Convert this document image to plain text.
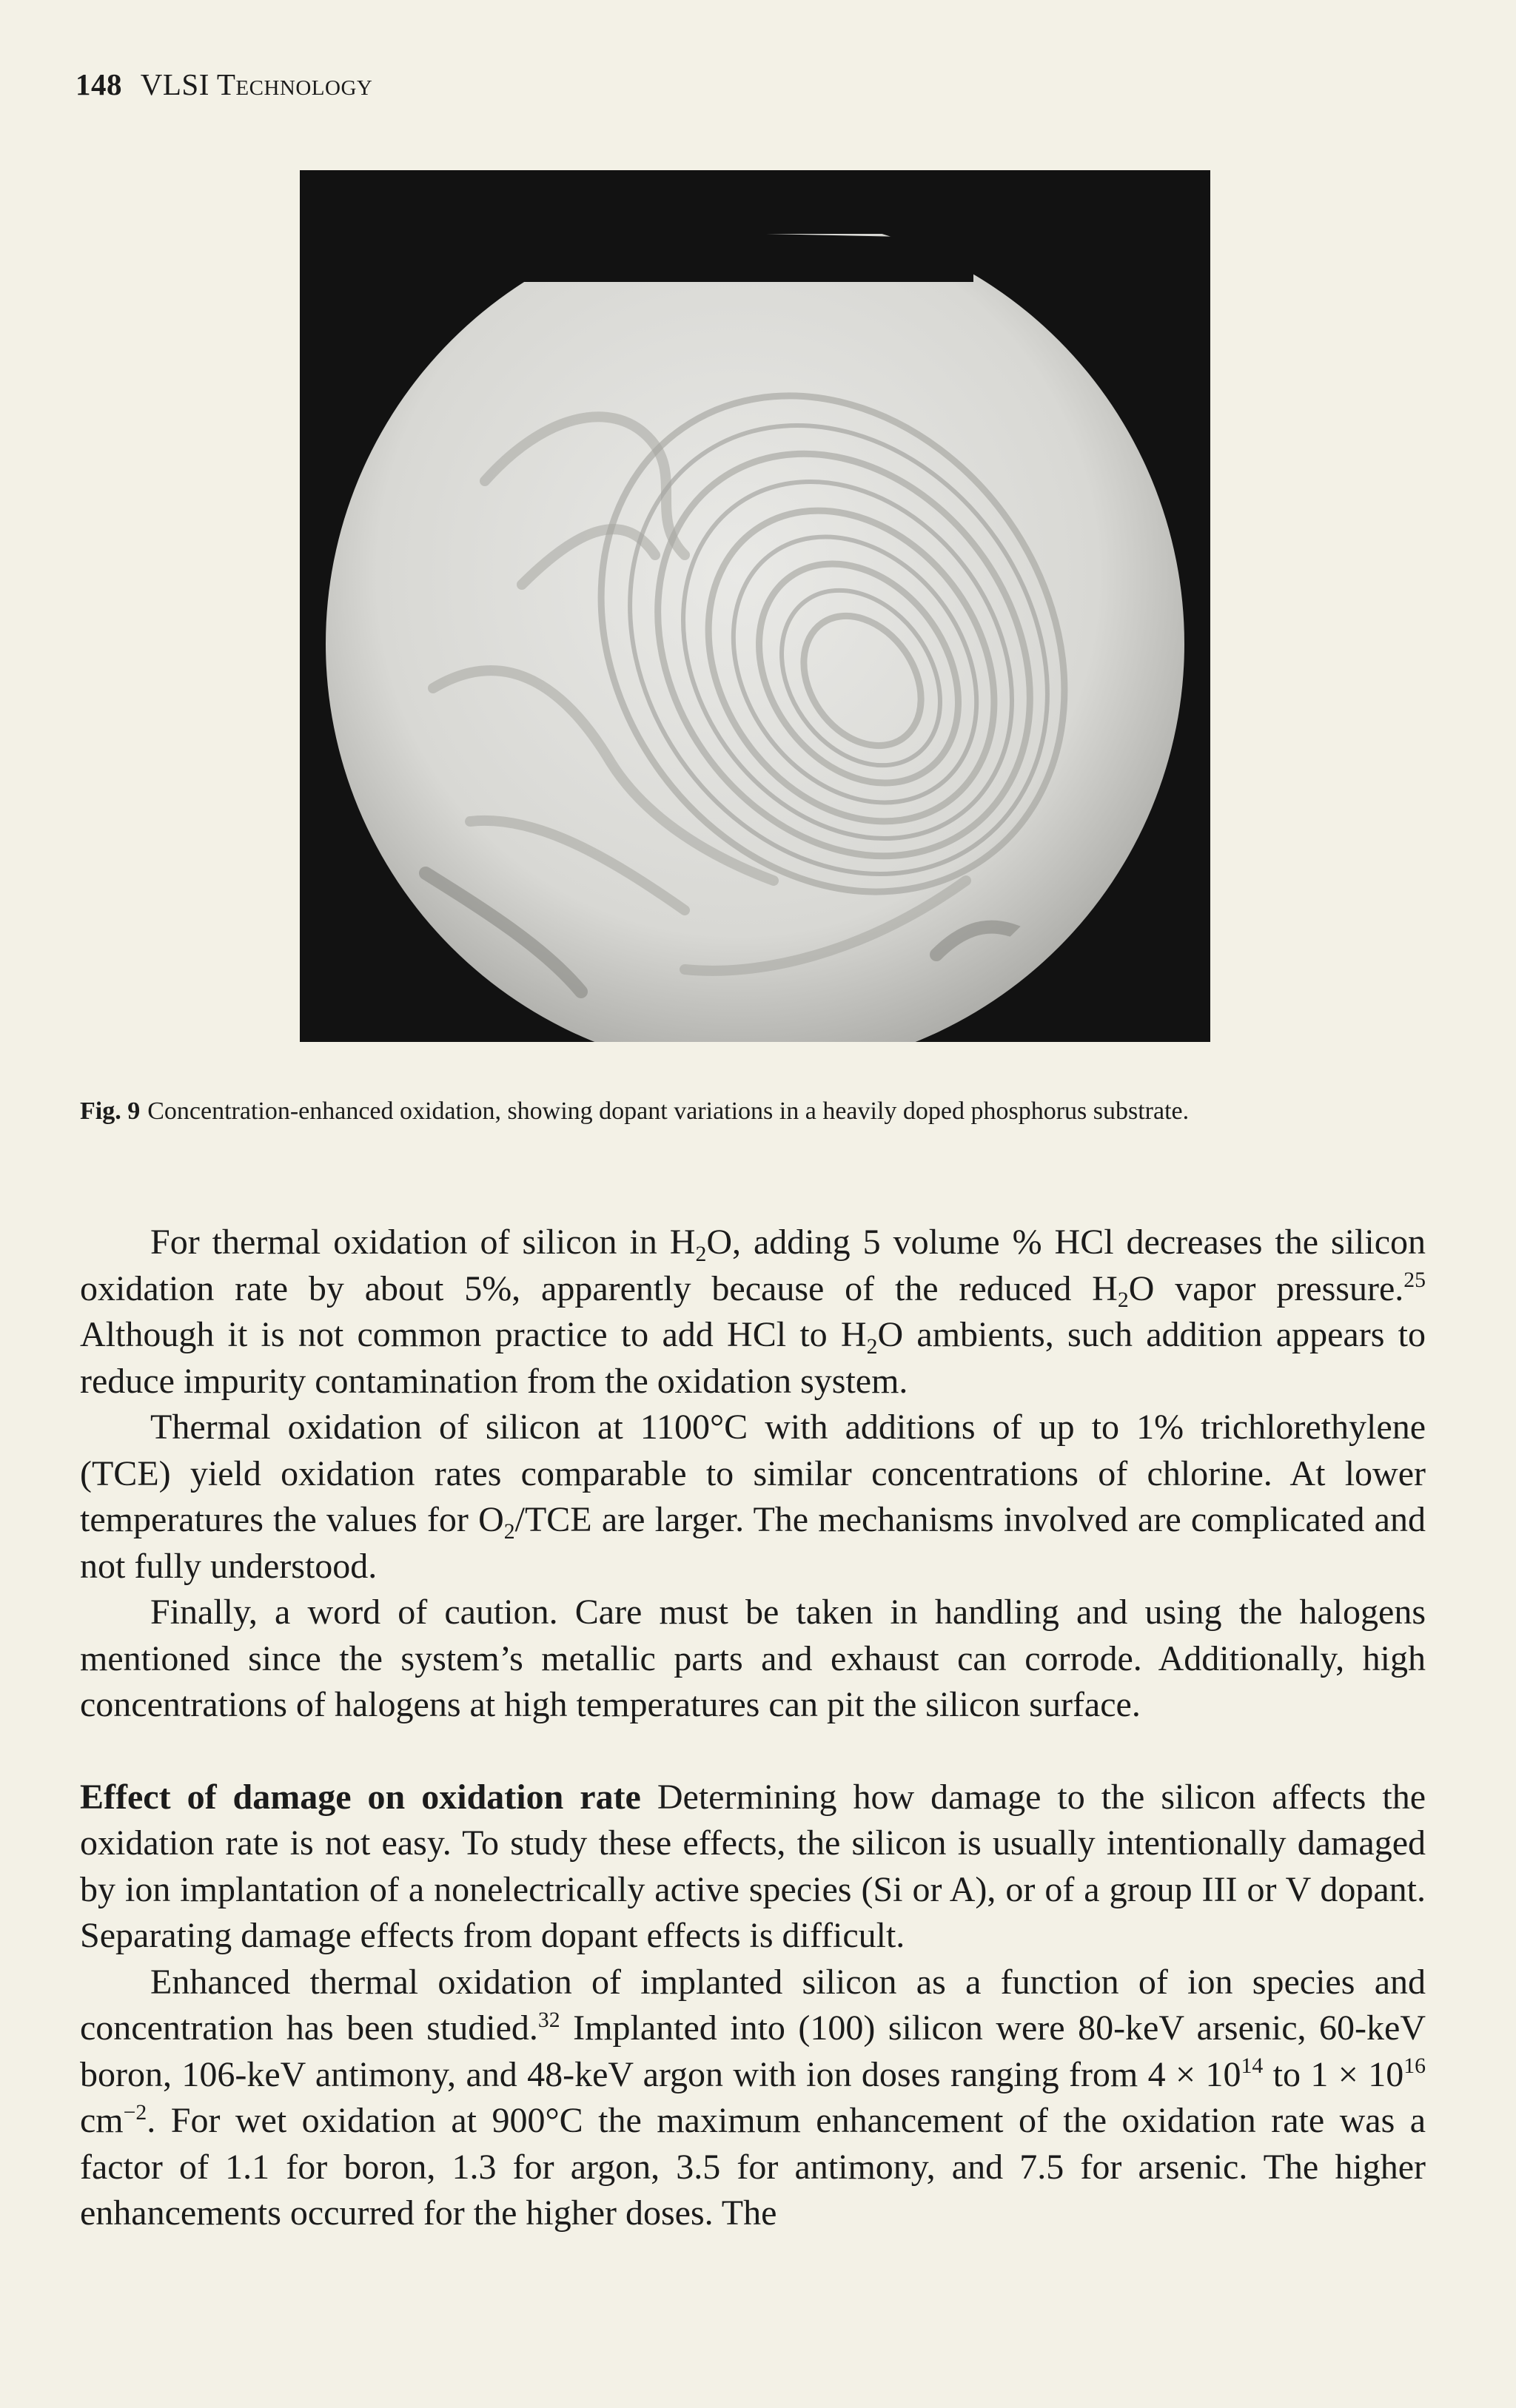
148 VLSI Technology
Fig. 9 Concentration-enhanced oxidation, showing dopant variations in a heavily doped phosphorus substrate.

For thermal oxidation of silicon in $H_2O$, adding 5 volume % HCl decreases the silicon oxidation rate by about 5%, apparently because of the reduced $H_2O$ vapor pressure.$^{25}$ Although it is not common practice to add HCl to $H_2O$ ambients, such addition appears to reduce impurity contamination from the oxidation system.

Thermal oxidation of silicon at 1100°C with additions of up to 1% trichlorethylene (TCE) yield oxidation rates comparable to similar concentrations of chlorine. At lower temperatures the values for $O_2$/TCE are larger. The mechanisms involved are complicated and not fully understood.

Finally, a word of caution. Care must be taken in handling and using the halogens mentioned since the system’s metallic parts and exhaust can corrode. Additionally, high concentrations of halogens at high temperatures can pit the silicon surface.

Effect of damage on oxidation rate Determining how damage to the silicon affects the oxidation rate is not easy. To study these effects, the silicon is usually intentionally damaged by ion implantation of a nonelectrically active species (Si or A), or of a group III or V dopant. Separating damage effects from dopant effects is difficult.

Enhanced thermal oxidation of implanted silicon as a function of ion species and concentration has been studied.$^{32}$ Implanted into (100) silicon were 80-keV arsenic, 60-keV boron, 106-keV antimony, and 48-keV argon with ion doses ranging from $4 \times 10^{14}$ to $1 \times 10^{16}$ $cm^{-2}$. For wet oxidation at 900°C the maximum enhancement of the oxidation rate was a factor of 1.1 for boron, 1.3 for argon, 3.5 for antimony, and 7.5 for arsenic. The higher enhancements occurred for the higher doses. The
